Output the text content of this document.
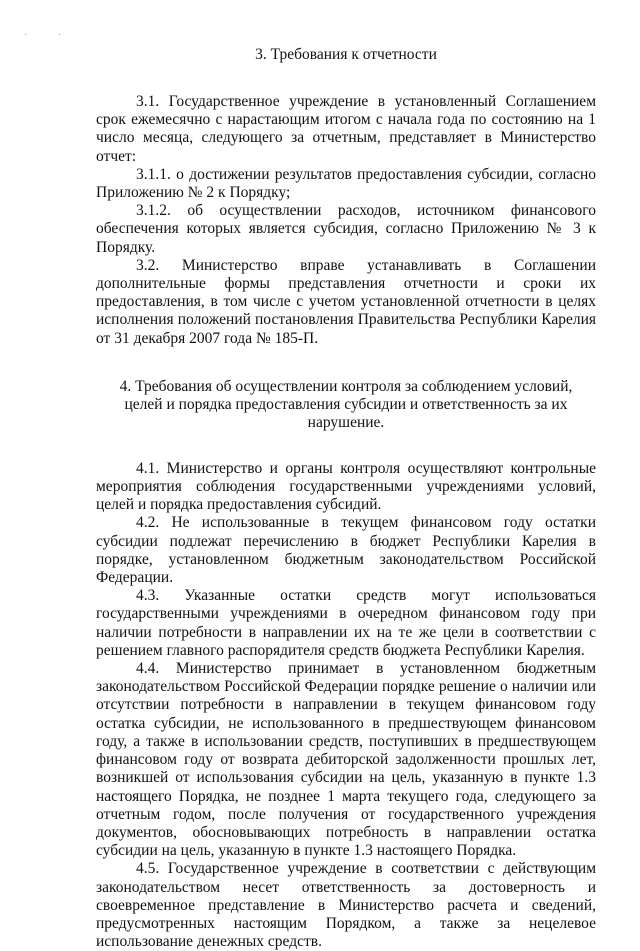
· ·
3. Требования к отчетности

3.1. Государственное учреждение в установленный Соглашением срок ежемесячно с нарастающим итогом с начала года по состоянию на 1 число месяца, следующего за отчетным, представляет в Министерство отчет:

3.1.1. о достижении результатов предоставления субсидии, согласно Приложению № 2 к Порядку;

3.1.2. об осуществлении расходов, источником финансового обеспечения которых является субсидия, согласно Приложению № 3 к Порядку.

3.2. Министерство вправе устанавливать в Соглашении дополнительные формы представления отчетности и сроки их предоставления, в том числе с учетом установленной отчетности в целях исполнения положений постановления Правительства Республики Карелия от 31 декабря 2007 года № 185-П.

4. Требования об осуществлении контроля за соблюдением условий, целей и порядка предоставления субсидии и ответственность за их нарушение.

4.1. Министерство и органы контроля осуществляют контрольные мероприятия соблюдения государственными учреждениями условий, целей и порядка предоставления субсидий.

4.2. Не использованные в текущем финансовом году остатки субсидии подлежат перечислению в бюджет Республики Карелия в порядке, установленном бюджетным законодательством Российской Федерации.

4.3. Указанные остатки средств могут использоваться государственными учреждениями в очередном финансовом году при наличии потребности в направлении их на те же цели в соответствии с решением главного распорядителя средств бюджета Республики Карелия.

4.4. Министерство принимает в установленном бюджетным законодательством Российской Федерации порядке решение о наличии или отсутствии потребности в направлении в текущем финансовом году остатка субсидии, не использованного в предшествующем финансовом году, а также в использовании средств, поступивших в предшествующем финансовом году от возврата дебиторской задолженности прошлых лет, возникшей от использования субсидии на цель, указанную в пункте 1.3 настоящего Порядка, не позднее 1 марта текущего года, следующего за отчетным годом, после получения от государственного учреждения документов, обосновывающих потребность в направлении остатка субсидии на цель, указанную в пункте 1.3 настоящего Порядка.

4.5. Государственное учреждение в соответствии с действующим законодательством несет ответственность за достоверность и своевременное представление в Министерство расчета и сведений, предусмотренных настоящим Порядком, а также за нецелевое использование денежных средств.
